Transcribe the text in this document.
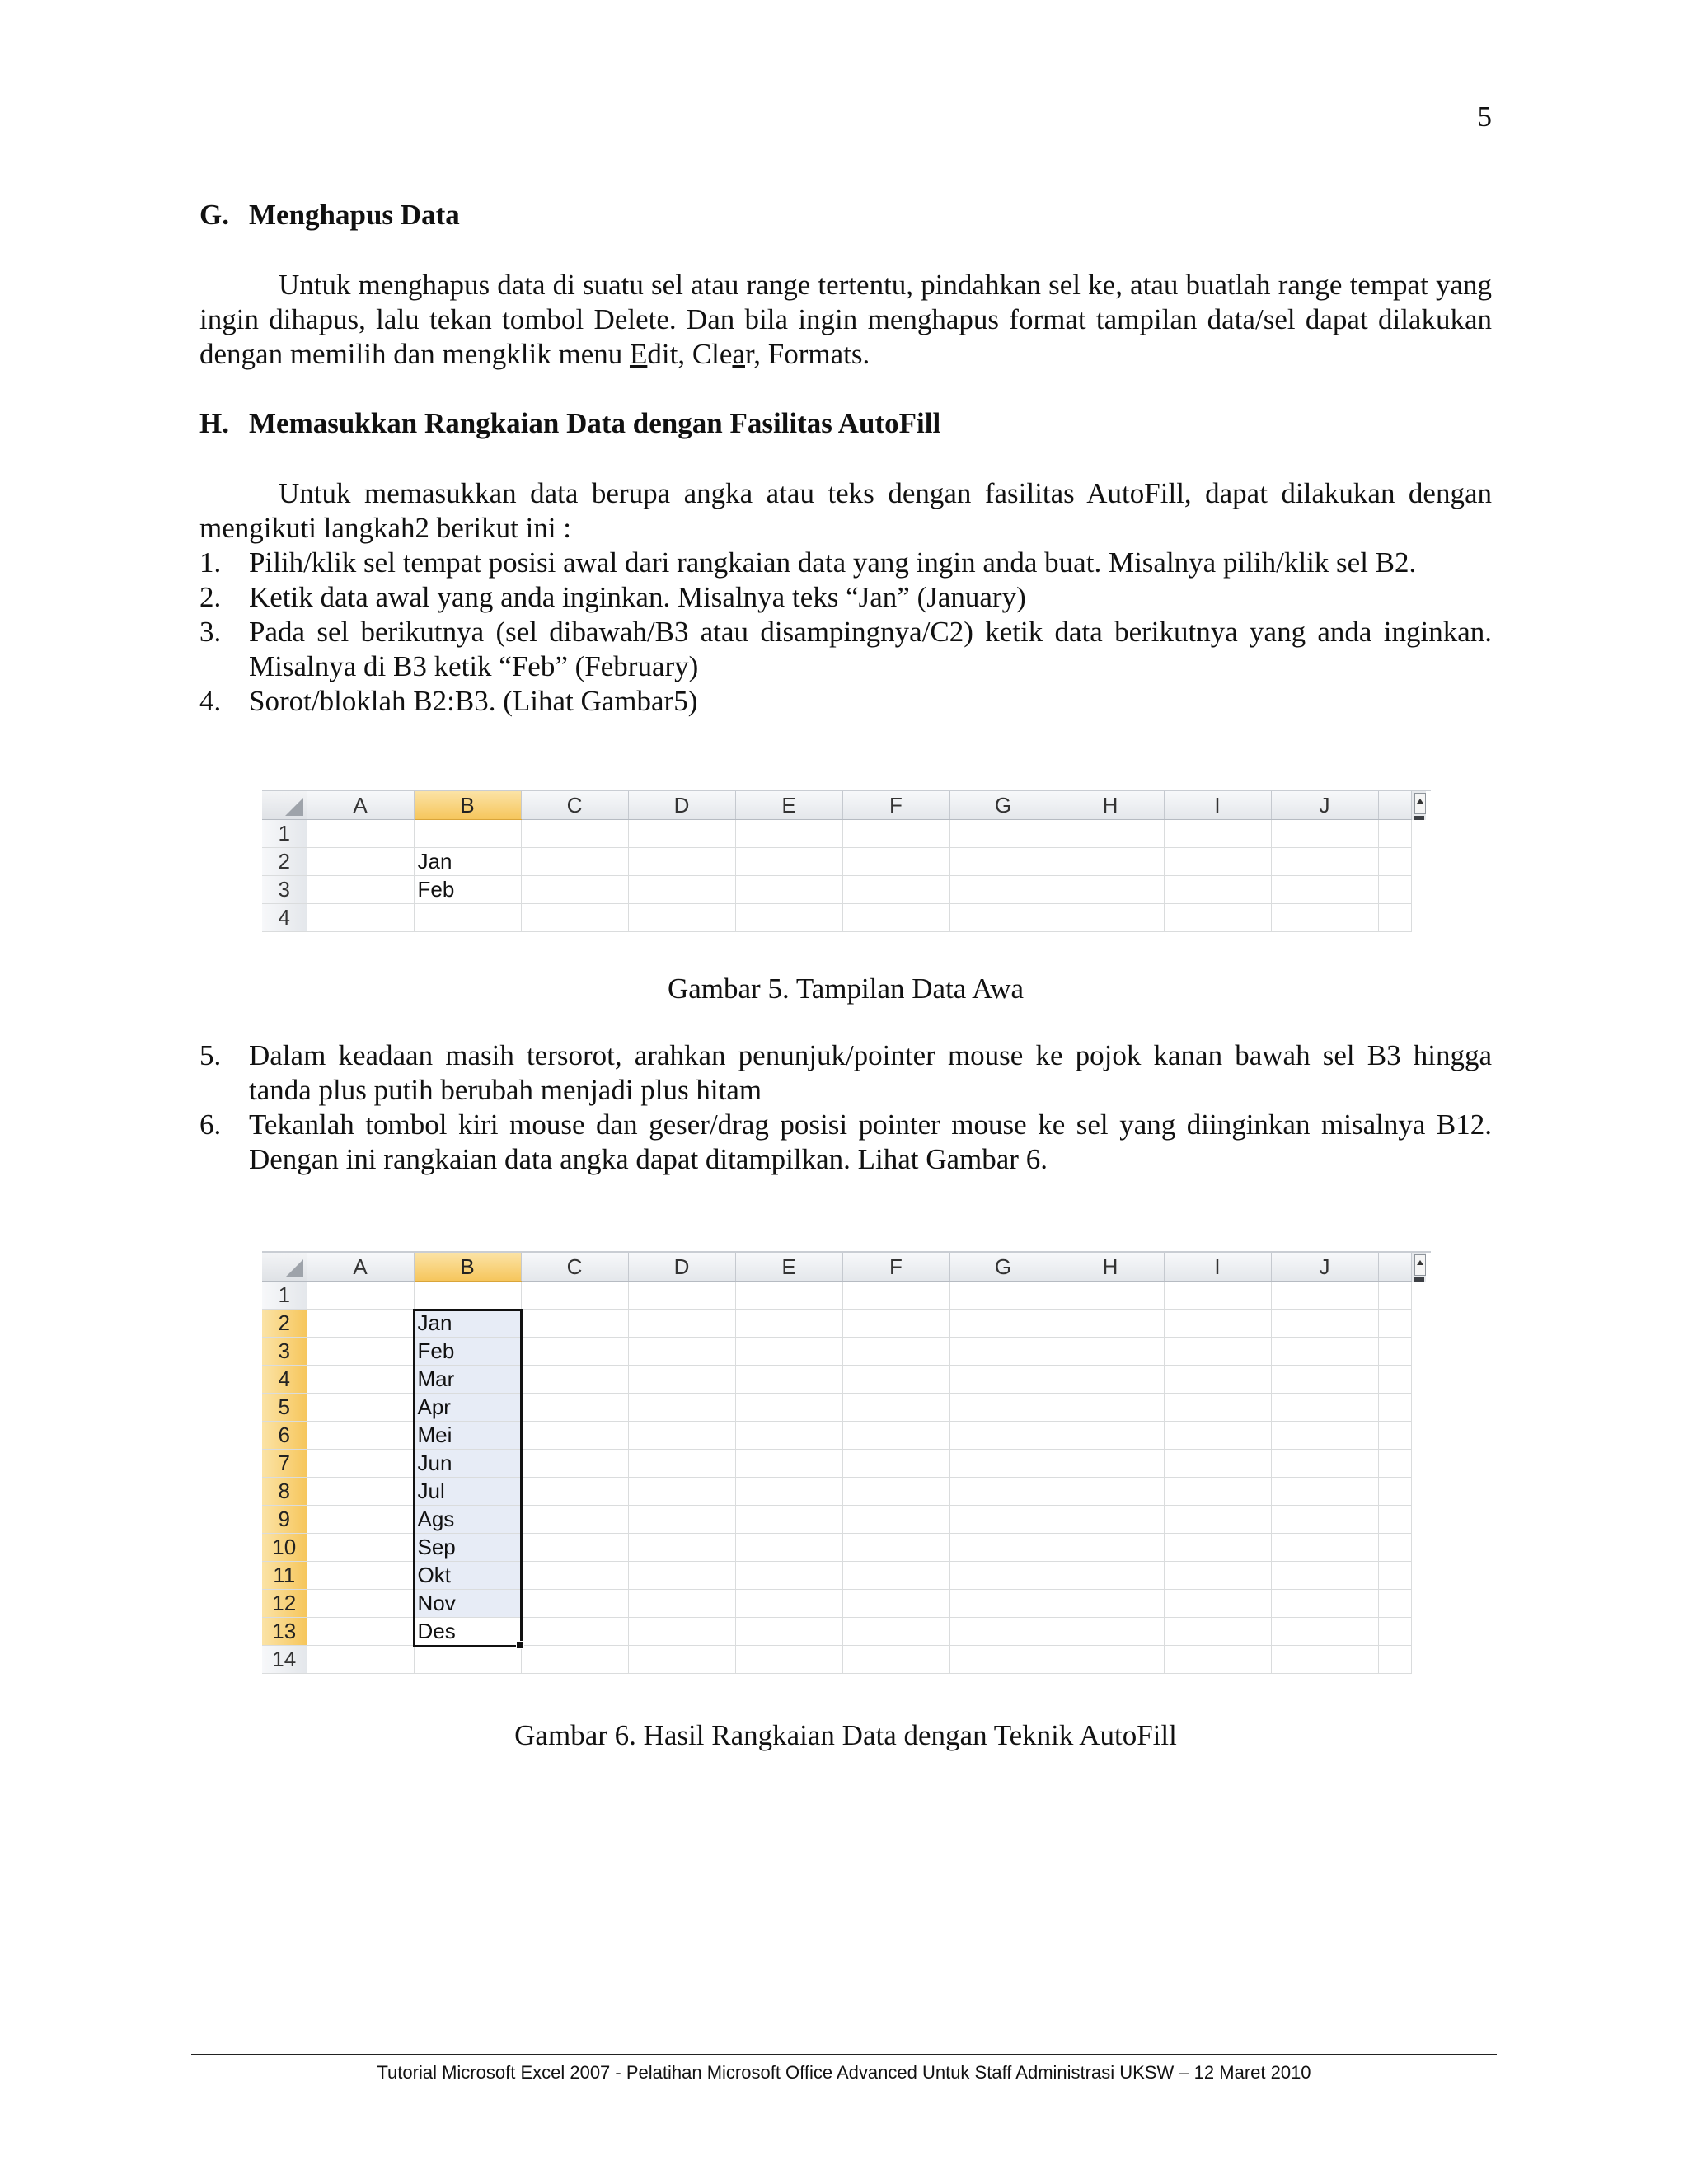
5
G. Menghapus Data
Untuk menghapus data di suatu sel atau range tertentu, pindahkan sel ke, atau buatlah range tempat yang ingin dihapus, lalu tekan tombol Delete. Dan bila ingin menghapus format tampilan data/sel dapat dilakukan dengan memilih dan mengklik menu Edit, Clear, Formats.
H. Memasukkan Rangkaian Data dengan Fasilitas AutoFill
Untuk memasukkan data berupa angka atau teks dengan fasilitas AutoFill, dapat dilakukan dengan mengikuti langkah2 berikut ini :
1. Pilih/klik sel tempat posisi awal dari rangkaian data yang ingin anda buat. Misalnya pilih/klik sel B2.
2. Ketik data awal yang anda inginkan. Misalnya teks “Jan” (January)
3. Pada sel berikutnya (sel dibawah/B3 atau disampingnya/C2) ketik data berikutnya yang anda inginkan. Misalnya di B3 ketik “Feb” (February)
4. Sorot/bloklah B2:B3. (Lihat Gambar5)
	A	B	C	D	E	F	G	H	I	J		

1												
2		Jan										
3		Feb										
4												
Gambar 5. Tampilan Data Awa
5. Dalam keadaan masih tersorot, arahkan penunjuk/pointer mouse ke pojok kanan bawah sel B3 hingga tanda plus putih berubah menjadi plus hitam
6. Tekanlah tombol kiri mouse dan geser/drag posisi pointer mouse ke sel yang diinginkan misalnya B12. Dengan ini rangkaian data angka dapat ditampilkan. Lihat Gambar 6.
	A	B	C	D	E	F	G	H	I	J		

1												
2		Jan										
3		Feb										
4		Mar										
5		Apr										
6		Mei										
7		Jun										
8		Jul										
9		Ags										
10		Sep										
11		Okt										
12		Nov										
13		Des										
14												
Gambar 6. Hasil Rangkaian Data dengan Teknik AutoFill
Tutorial Microsoft Excel 2007 - Pelatihan Microsoft Office Advanced Untuk Staff Administrasi UKSW – 12 Maret 2010
